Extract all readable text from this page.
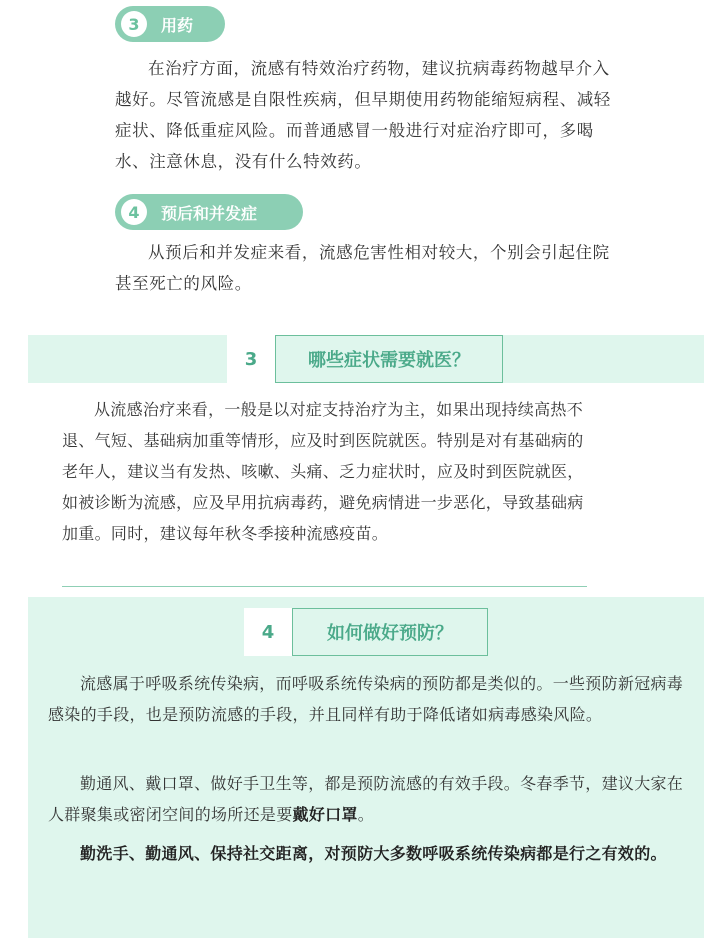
3	用药

在治疗方面，流感有特效治疗药物，建议抗病毒药物越早介入越好。尽管流感是自限性疾病，但早期使用药物能缩短病程、减轻症状、降低重症风险。而普通感冒一般进行对症治疗即可，多喝水、注意休息，没有什么特效药。

4	预后和并发症

从预后和并发症来看，流感危害性相对较大，个别会引起住院甚至死亡的风险。

3	哪些症状需要就医？

从流感治疗来看，一般是以对症支持治疗为主，如果出现持续高热不退、气短、基础病加重等情形，应及时到医院就医。特别是对有基础病的老年人，建议当有发热、咳嗽、头痛、乏力症状时，应及时到医院就医，如被诊断为流感，应及早用抗病毒药，避免病情进一步恶化，导致基础病加重。同时，建议每年秋冬季接种流感疫苗。

4	如何做好预防？

流感属于呼吸系统传染病，而呼吸系统传染病的预防都是类似的。一些预防新冠病毒感染的手段，也是预防流感的手段，并且同样有助于降低诸如病毒感染风险。

勤通风、戴口罩、做好手卫生等，都是预防流感的有效手段。冬春季节，建议大家在人群聚集或密闭空间的场所还是要戴好口罩。

勤洗手、勤通风、保持社交距离，对预防大多数呼吸系统传染病都是行之有效的。
